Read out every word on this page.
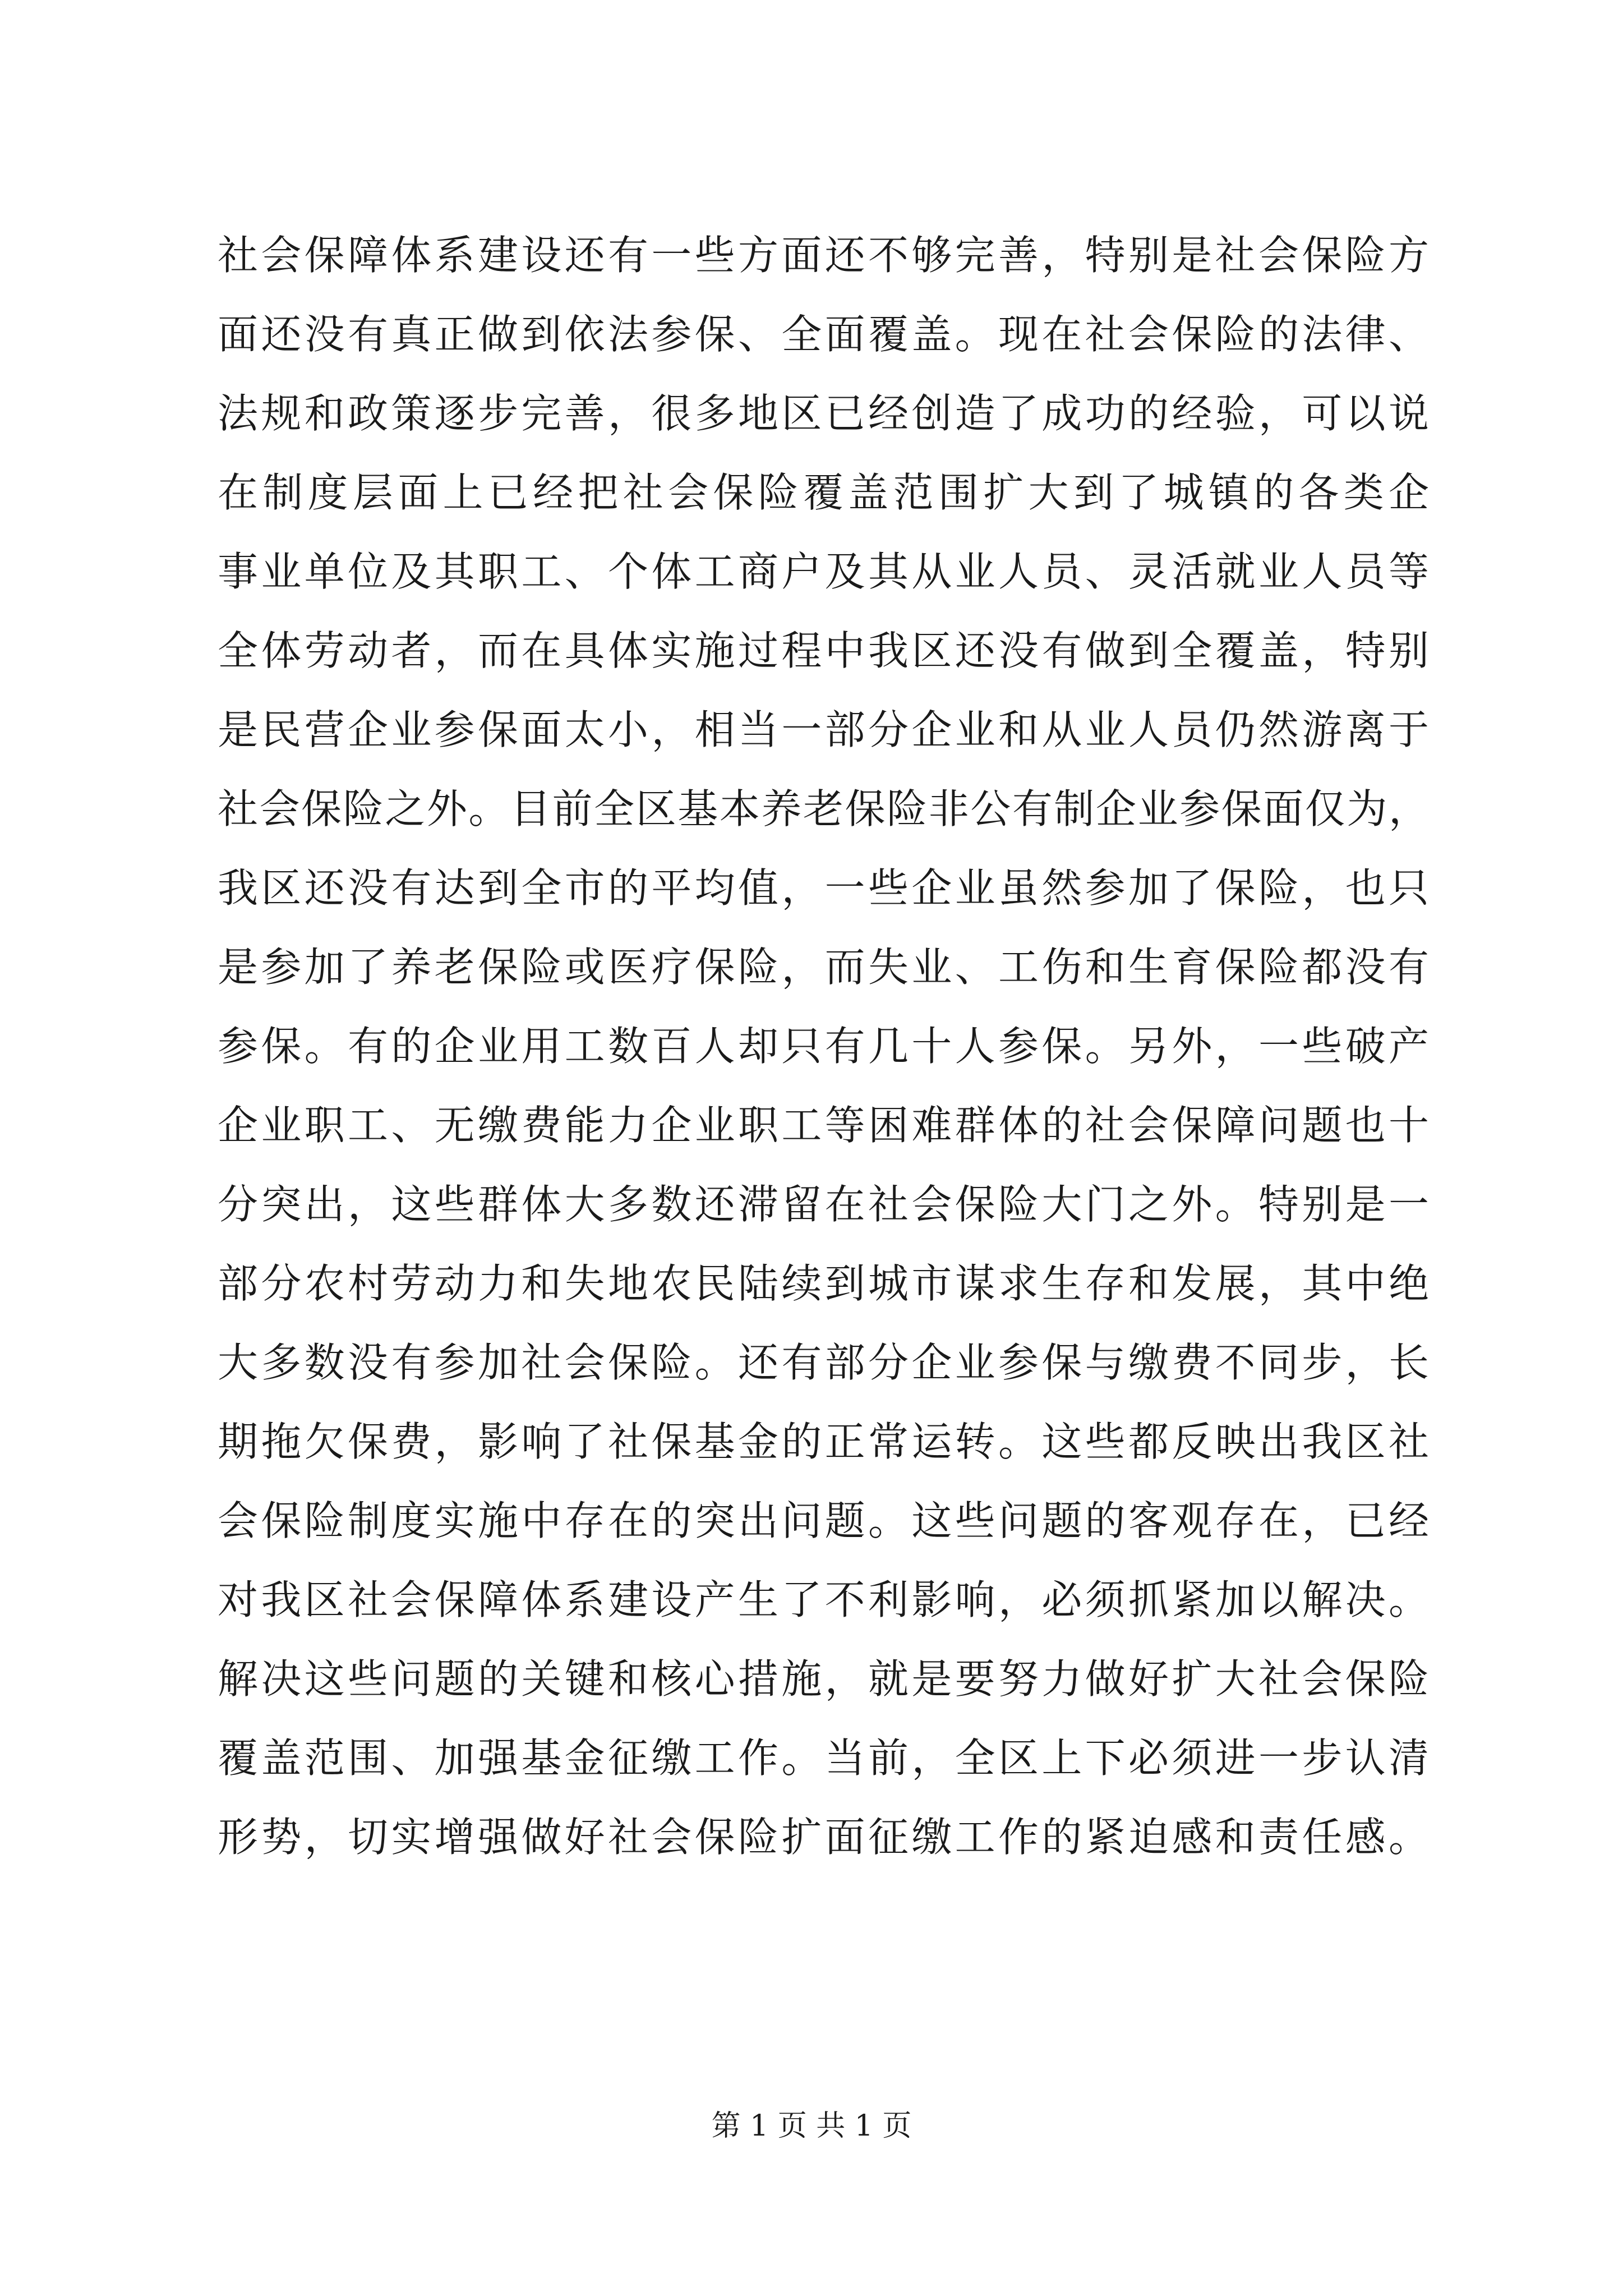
社会保障体系建设还有一些方面还不够完善，特别是社会保险方
面还没有真正做到依法参保、全面覆盖。现在社会保险的法律、
法规和政策逐步完善，很多地区已经创造了成功的经验，可以说
在制度层面上已经把社会保险覆盖范围扩大到了城镇的各类企
事业单位及其职工、个体工商户及其从业人员、灵活就业人员等
全体劳动者，而在具体实施过程中我区还没有做到全覆盖，特别
是民营企业参保面太小，相当一部分企业和从业人员仍然游离于
社会保险之外。目前全区基本养老保险非公有制企业参保面仅为，
我区还没有达到全市的平均值，一些企业虽然参加了保险，也只
是参加了养老保险或医疗保险，而失业、工伤和生育保险都没有
参保。有的企业用工数百人却只有几十人参保。另外，一些破产
企业职工、无缴费能力企业职工等困难群体的社会保障问题也十
分突出，这些群体大多数还滞留在社会保险大门之外。特别是一
部分农村劳动力和失地农民陆续到城市谋求生存和发展，其中绝
大多数没有参加社会保险。还有部分企业参保与缴费不同步，长
期拖欠保费，影响了社保基金的正常运转。这些都反映出我区社
会保险制度实施中存在的突出问题。这些问题的客观存在，已经
对我区社会保障体系建设产生了不利影响，必须抓紧加以解决。
解决这些问题的关键和核心措施，就是要努力做好扩大社会保险
覆盖范围、加强基金征缴工作。当前，全区上下必须进一步认清
形势，切实增强做好社会保险扩面征缴工作的紧迫感和责任感。
第 1 页 共 1 页
